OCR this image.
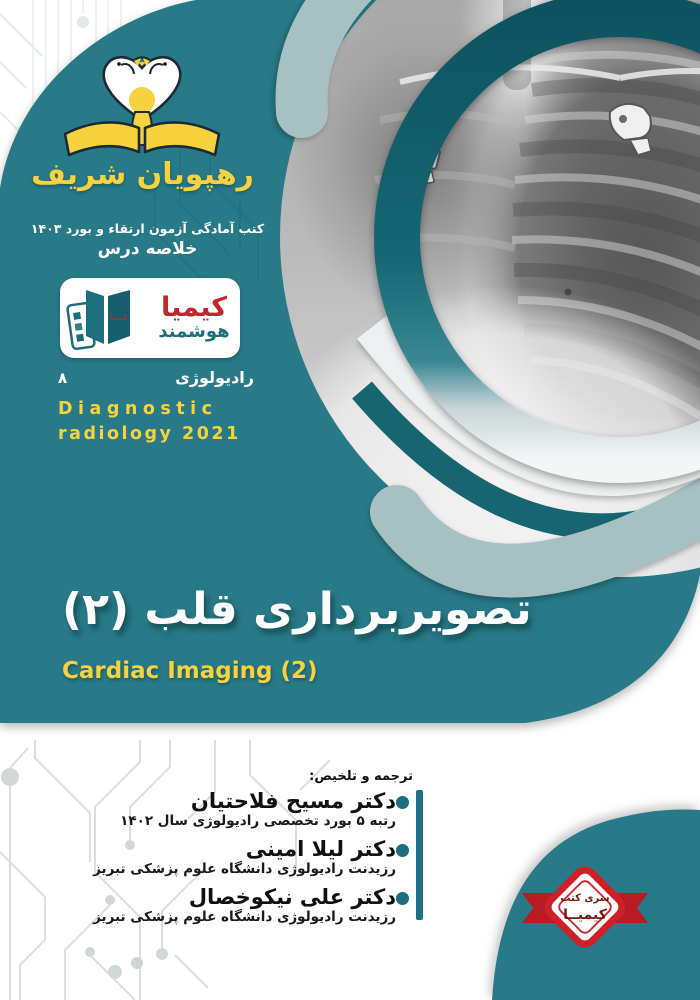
رهپویان شریف
کتب آمادگی آزمون ارتقاء و بورد ۱۴۰۳
خلاصه درس
کیمیا	کیمیا
هوشمند
رادیولوژی
۸
Diagnostic
radiology 2021
تصویربرداری قلب (۲)
Cardiac Imaging (2)
ترجمه و تلخیص:
دکتر مسیح فلاحتیان
رتبه ۵ بورد تخصصی رادیولوژی سال ۱۴۰۲
دکتر لیلا امینی
رزیدنت رادیولوژی دانشگاه علوم پزشکی تبریز
دکتر علی نیکوخصال
رزیدنت رادیولوژی دانشگاه علوم پزشکی تبریز
سری کتب
کیمیــا
